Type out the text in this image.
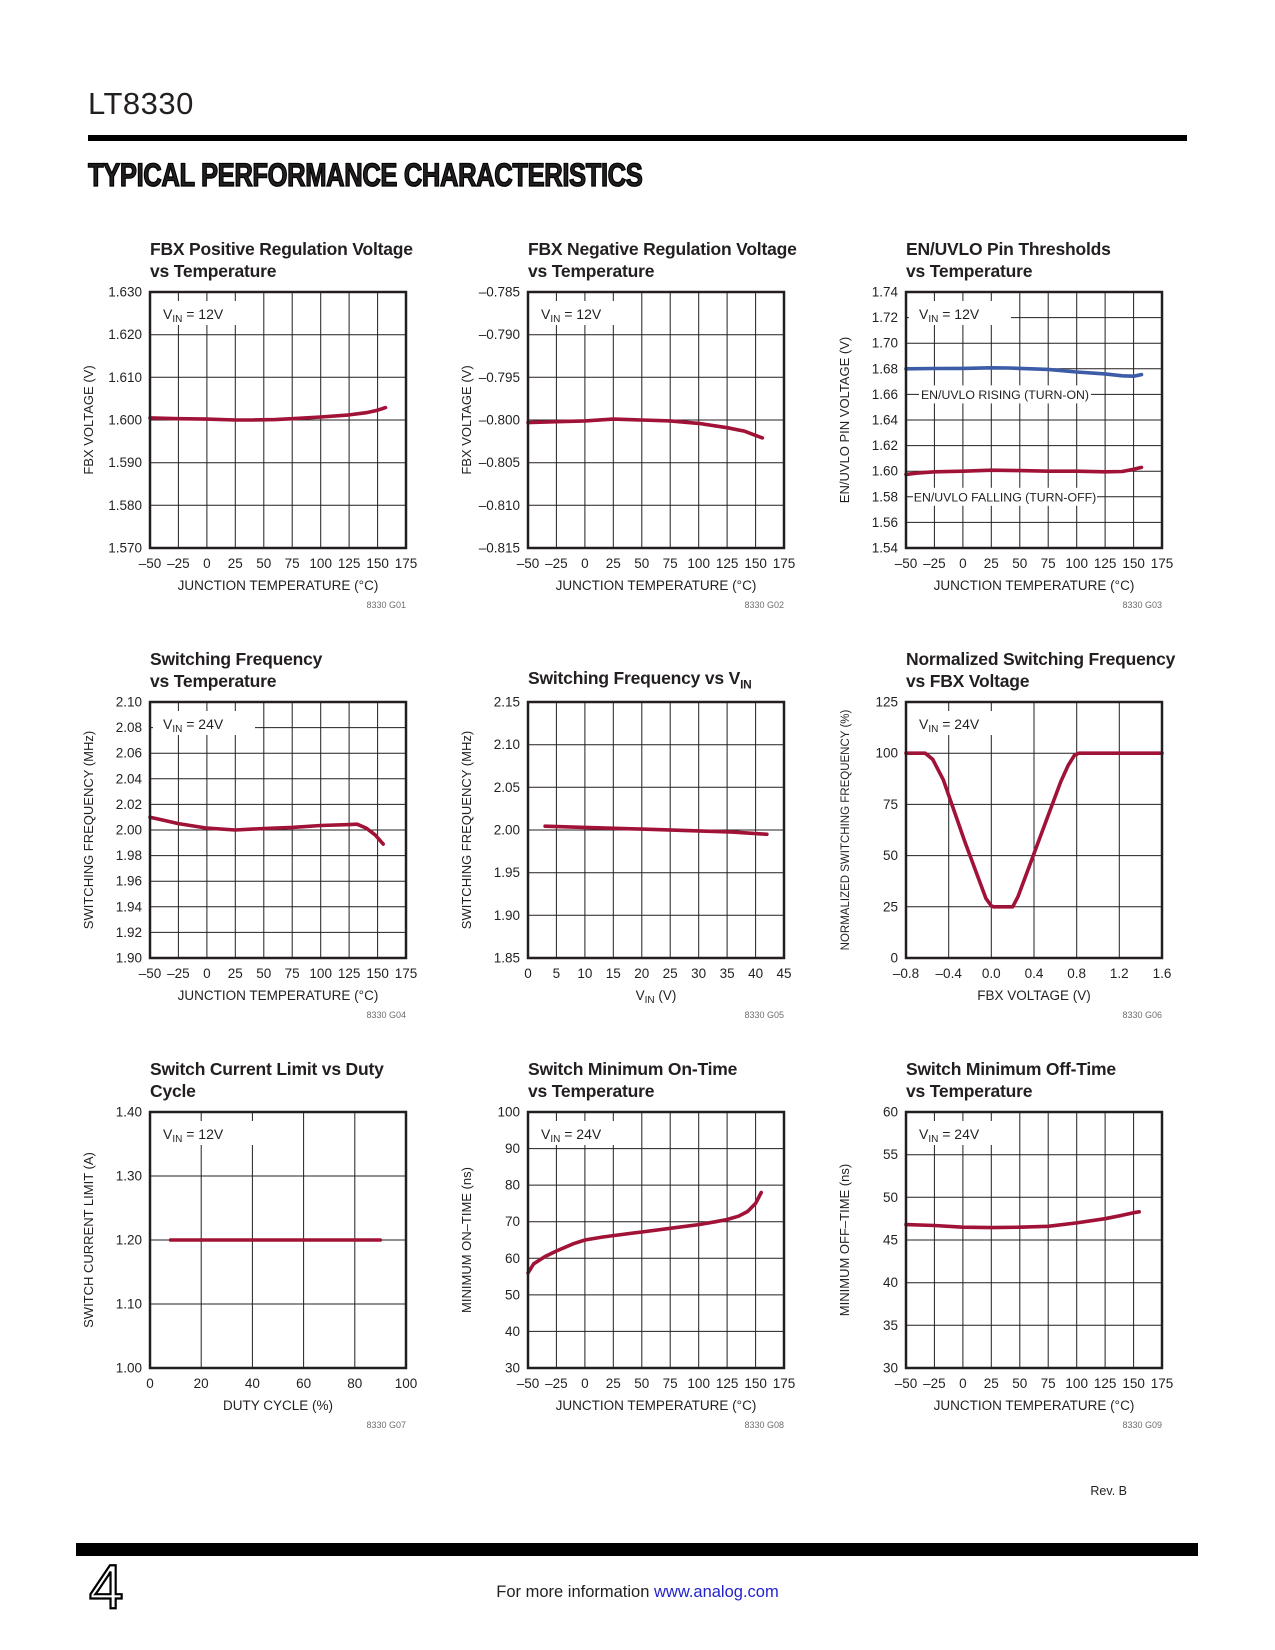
LT8330
TYPICAL PERFORMANCE CHARACTERISTICS
FBX Positive Regulation Voltage
vs Temperature
$V_{IN} = 12V$
1.630
1.620
1.610
1.600
1.590
1.580
1.570
–50 –25 0 25 50 75 100 125 150 175
JUNCTION TEMPERATURE (°C)
FBX VOLTAGE (V)
8330 G01
FBX Negative Regulation Voltage
vs Temperature
$V_{IN} = 12V$
–0.785
–0.790
–0.795
–0.800
–0.805
–0.810
–0.815
–50 –25 0 25 50 75 100 125 150 175
JUNCTION TEMPERATURE (°C)
FBX VOLTAGE (V)
8330 G02
EN/UVLO Pin Thresholds
vs Temperature
$V_{IN} = 12V$
EN/UVLO RISING (TURN-ON)
EN/UVLO FALLING (TURN-OFF)
1.74
1.72
1.70
1.68
1.66
1.64
1.62
1.60
1.58
1.56
1.54
–50 –25 0 25 50 75 100 125 150 175
JUNCTION TEMPERATURE (°C)
EN/UVLO PIN VOLTAGE (V)
8330 G03
Switching Frequency
vs Temperature
$V_{IN} = 24V$
2.10
2.08
2.06
2.04
2.02
2.00
1.98
1.96
1.94
1.92
1.90
–50 –25 0 25 50 75 100 125 150 175
JUNCTION TEMPERATURE (°C)
SWITCHING FREQUENCY (MHz)
8330 G04
Switching Frequency vs $V_{IN}$
2.15
2.10
2.05
2.00
1.95
1.90
1.85
0 5 10 15 20 25 30 35 40 45
$V_{IN}$ (V)
SWITCHING FREQUENCY (MHz)
8330 G05
Normalized Switching Frequency
vs FBX Voltage
$V_{IN} = 24V$
125
100
75
50
25
0
–0.8 –0.4 0.0 0.4 0.8 1.2 1.6
FBX VOLTAGE (V)
NORMALIZED SWITCHING FREQUENCY (%)
8330 G06
Switch Current Limit vs Duty
Cycle
$V_{IN} = 12V$
1.40
1.30
1.20
1.10
1.00
0	20	40	60	80 100
DUTY CYCLE (%)
SWITCH CURRENT LIMIT (A)
8330 G07
Switch Minimum On-Time
vs Temperature
$V_{IN} = 24V$
100
90
80
70
60
50
40
30
–50 –25 0 25 50 75 100 125 150 175
JUNCTION TEMPERATURE (°C)
MINIMUM ON–TIME (ns)
8330 G08
Switch Minimum Off-Time
vs Temperature
$V_{IN} = 24V$
60
55
50
45
40
35
30
–50 –25 0 25 50 75 100 125 150 175
JUNCTION TEMPERATURE (°C)
MINIMUM OFF–TIME (ns)
8330 G09
Rev. B
4	For more information www.analog.com
